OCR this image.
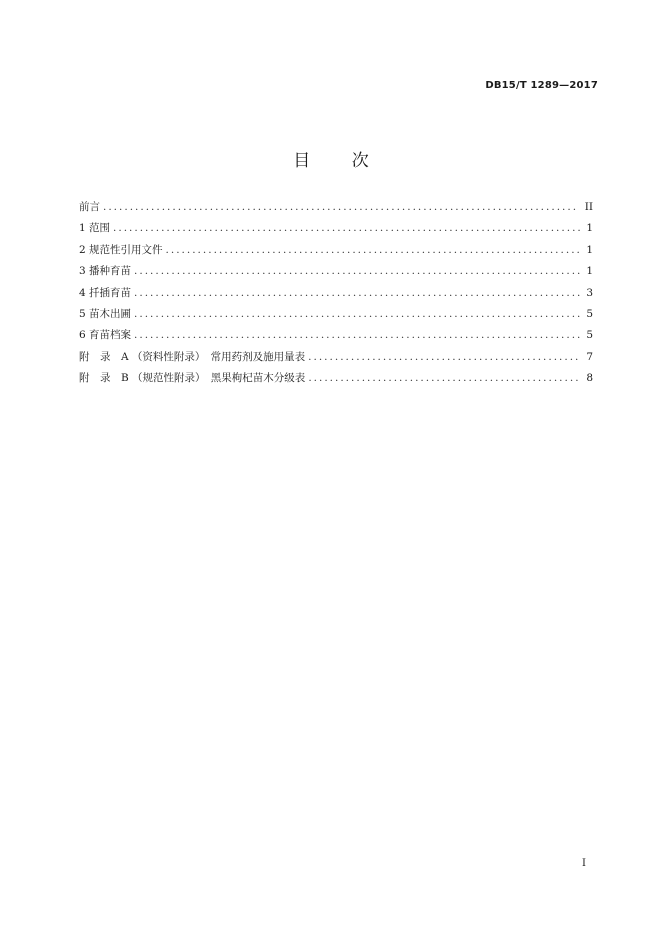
DB15/T 1289—2017
目 次
前言 .....	II
1 范围 .....	1
2 规范性引用文件 .....	1
3 播种育苗 .....	1
4 扦插育苗 .....	3
5 苗木出圃 .....	5
6 育苗档案 .....	5
附　录　A （资料性附录）　常用药剂及施用量表 .....	7
附　录　B （规范性附录）　黑果枸杞苗木分级表 .....	8
I
